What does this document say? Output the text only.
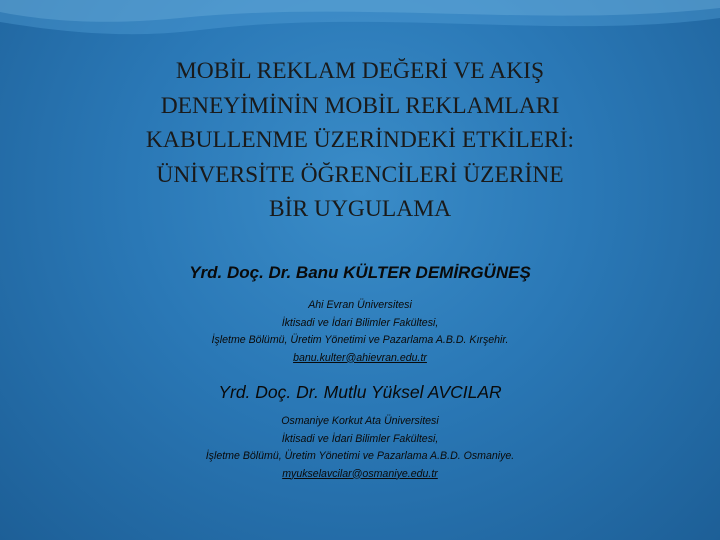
MOBİL REKLAM DEĞERİ VE AKIŞ
DENEYİMİNİN MOBİL REKLAMLARI
KABULLENME ÜZERİNDEKİ ETKİLERİ:
ÜNİVERSİTE ÖĞRENCİLERİ ÜZERİNE
BİR UYGULAMA
Yrd. Doç. Dr. Banu KÜLTER DEMİRGÜNEŞ
Ahi Evran Üniversitesi
İktisadi ve İdari Bilimler Fakültesi,
İşletme Bölümü, Üretim Yönetimi ve Pazarlama A.B.D. Kırşehir.
banu.kulter@ahievran.edu.tr
Yrd. Doç. Dr. Mutlu Yüksel AVCILAR
Osmaniye Korkut Ata Üniversitesi
İktisadi ve İdari Bilimler Fakültesi,
İşletme Bölümü, Üretim Yönetimi ve Pazarlama A.B.D. Osmaniye.
myukselavcilar@osmaniye.edu.tr
